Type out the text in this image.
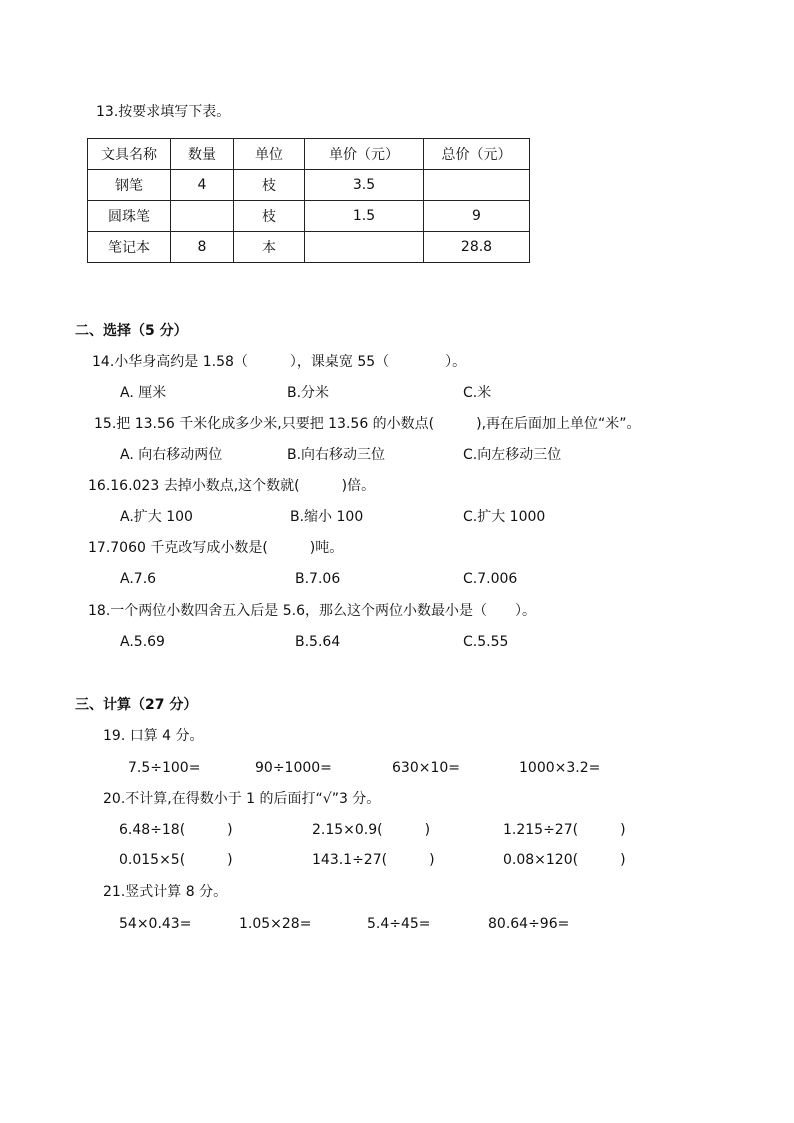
13.按要求填写下表。
文具名称	数量	单位	单价（元）	总价（元）
钢笔	4	枝	3.5	
圆珠笔		枝	1.5	9
笔记本	8	本		28.8
二、选择（5 分）
14.小华身高约是 1.58（　　　），课桌宽 55（　　　　）。
A. 厘米	B.分米	C.米
15.把 13.56 千米化成多少米,只要把 13.56 的小数点(　　　),再在后面加上单位“米”。
A. 向右移动两位	B.向右移动三位	C.向左移动三位
16.16.023 去掉小数点,这个数就(　　　)倍。
A.扩大 100	B.缩小 100	C.扩大 1000
17.7060 千克改写成小数是(　　　)吨。
A.7.6	B.7.06	C.7.006
18.一个两位小数四舍五入后是 5.6，那么这个两位小数最小是（　　）。
A.5.69	B.5.64	C.5.55
三、计算（27 分）
19. 口算 4 分。
7.5÷100=	90÷1000=	630×10=	1000×3.2=
20.不计算,在得数小于 1 的后面打“√”3 分。
6.48÷18(　　　)	2.15×0.9(　　　)	1.215÷27(　　　)
0.015×5(　　　)	143.1÷27(　　　)	0.08×120(　　　)
21.竖式计算 8 分。
54×0.43=	1.05×28=	5.4÷45=	80.64÷96=
